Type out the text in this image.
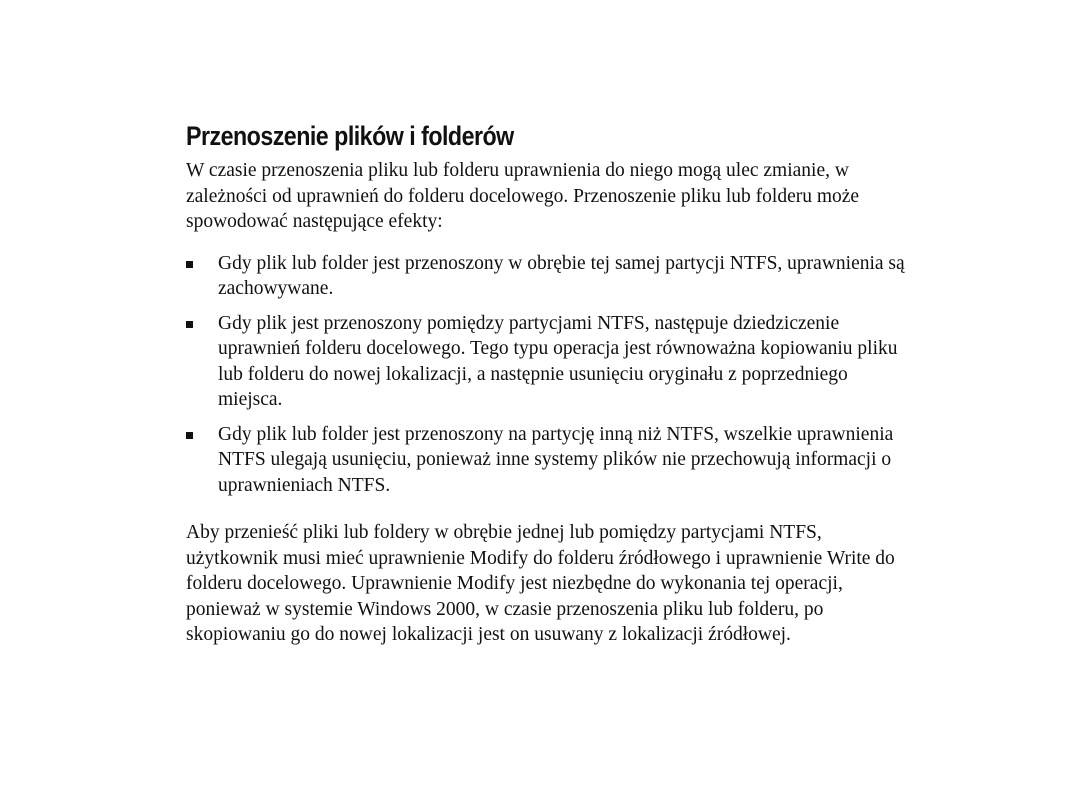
Przenoszenie plików i folderów

W czasie przenoszenia pliku lub folderu uprawnienia do niego mogą ulec zmianie, w zależności od uprawnień do folderu docelowego. Przenoszenie pliku lub folderu może spowodować następujące efekty:

Gdy plik lub folder jest przenoszony w obrębie tej samej partycji NTFS, uprawnienia są zachowywane.
Gdy plik jest przenoszony pomiędzy partycjami NTFS, następuje dziedziczenie uprawnień folderu docelowego. Tego typu operacja jest równoważna kopiowaniu pliku lub folderu do nowej lokalizacji, a następnie usunięciu oryginału z poprzedniego miejsca.
Gdy plik lub folder jest przenoszony na partycję inną niż NTFS, wszelkie uprawnienia NTFS ulegają usunięciu, ponieważ inne systemy plików nie przechowują informacji o uprawnieniach NTFS.

Aby przenieść pliki lub foldery w obrębie jednej lub pomiędzy partycjami NTFS, użytkownik musi mieć uprawnienie Modify do folderu źródłowego i uprawnienie Write do folderu docelowego. Uprawnienie Modify jest niezbędne do wykonania tej operacji, ponieważ w systemie Windows 2000, w czasie przenoszenia pliku lub folderu, po skopiowaniu go do nowej lokalizacji jest on usuwany z lokalizacji źródłowej.
